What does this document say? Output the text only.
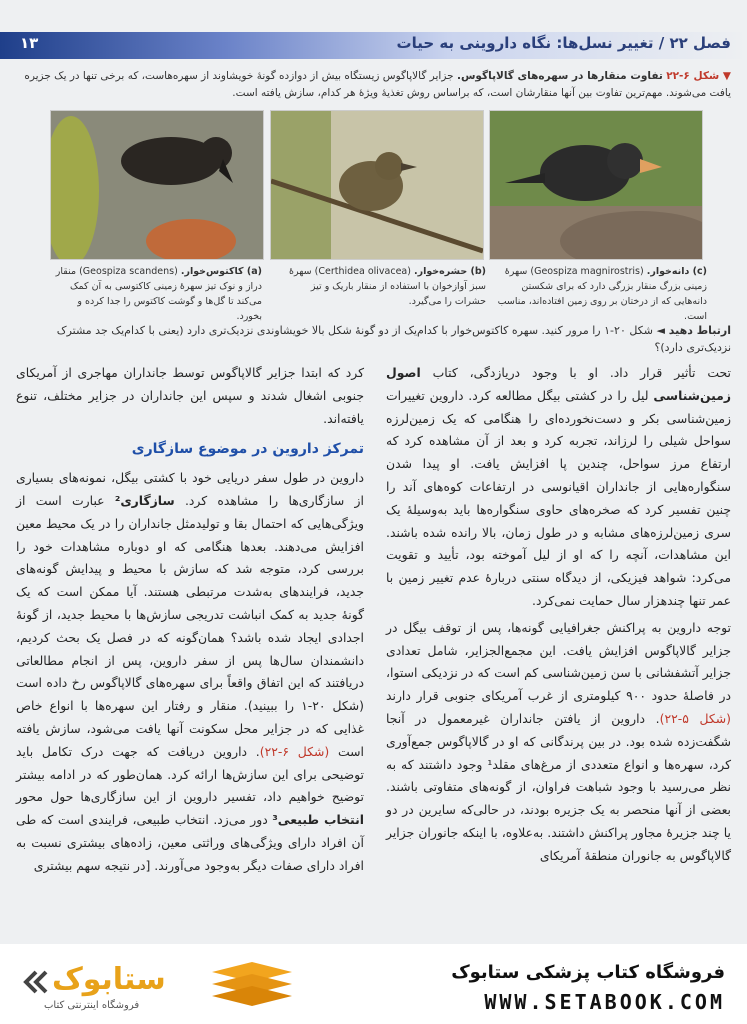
۱۳	فصل ۲۲ / تغییر نسل‌ها: نگاه داروینی به حیات
▼ شکل ۶-۲۲ تفاوت منقارها در سهره‌های گالاپاگوس. جزایر گالاپاگوس زیستگاه بیش از دوازده گونهٔ خویشاوند از سهره‌هاست، که برخی تنها در یک جزیره یافت می‌شوند. مهم‌ترین تفاوت بین آنها منقارشان است، که براساس روش تغذیهٔ ویژهٔ هر کدام، سازش یافته است.
(c) دانه‌خوار. (Geospiza magnirostris) سهرهٔ زمینی بزرگ منقار بزرگی دارد که برای شکستن دانه‌هایی که از درختان بر روی زمین افتاده‌اند، مناسب است.
(b) حشره‌خوار. (Certhidea olivacea) سهرهٔ سبز آوازخوان با استفاده از منقار باریک و تیز حشرات را می‌گیرد.
(a) کاکتوس‌خوار. (Geospiza scandens) منقار دراز و نوک تیز سهرهٔ زمینی کاکتوسی به آن کمک می‌کند تا گل‌ها و گوشت کاکتوس را جدا کرده و بخورد.
ارتباط دهید ◄ شکل ۲۰-۱ را مرور کنید. سهره کاکتوس‌خوار با کدام‌یک از دو گونهٔ شکل بالا خویشاوندی نزدیک‌تری دارد (یعنی با کدام‌یک جد مشترک نزدیک‌تری دارد)؟

تحت تأثیر قرار داد. او با وجود دریازدگی، کتاب اصول زمین‌شناسی لیل را در کشتی بیگل مطالعه کرد. داروین تغییرات زمین‌شناسی بکر و دست‌نخورده‌ای را هنگامی که یک زمین‌لرزه سواحل شیلی را لرزاند، تجربه کرد و بعد از آن مشاهده کرد که ارتفاع مرز سواحل، چندین پا افزایش یافت. او پیدا شدن سنگواره‌هایی از جانداران اقیانوسی در ارتفاعات کوه‌های آند را چنین تفسیر کرد که صخره‌های حاوی سنگواره‌ها باید به‌وسیلهٔ یک سری زمین‌لرزه‌های مشابه و در طول زمان، بالا رانده شده باشند. این مشاهدات، آنچه را که او از لیل آموخته بود، تأیید و تقویت می‌کرد: شواهد فیزیکی، از دیدگاه سنتی دربارهٔ عدم تغییر زمین با عمر تنها چندهزار سال حمایت نمی‌کرد.

توجه داروین به پراکنش جغرافیایی گونه‌ها، پس از توقف بیگل در جزایر گالاپاگوس افزایش یافت. این مجمع‌الجزایر، شامل تعدادی جزایر آتشفشانی با سن زمین‌شناسی کم است که در نزدیکی استوا، در فاصلهٔ حدود ۹۰۰ کیلومتری از غرب آمریکای جنوبی قرار دارند (شکل ۵-۲۲). داروین از یافتن جانداران غیرمعمول در آنجا شگفت‌زده شده بود. در بین پرندگانی که او در گالاپاگوس جمع‌آوری کرد، سهره‌ها و انواع متعددی از مرغ‌های مقلد¹ وجود داشتند که به نظر می‌رسید با وجود شباهت فراوان، از گونه‌های متفاوتی باشند. بعضی از آنها منحصر به یک جزیره بودند، در حالی‌که سایرین در دو یا چند جزیرهٔ مجاور پراکنش داشتند. به‌علاوه، با اینکه جانوران جزایر گالاپاگوس به جانوران منطقهٔ آمریکای

کرد که ابتدا جزایر گالاپاگوس توسط جانداران مهاجری از آمریکای جنوبی اشغال شدند و سپس این جانداران در جزایر مختلف، تنوع یافته‌اند.

تمرکز داروین در موضوع سازگاری

داروین در طول سفر دریایی خود با کشتی بیگل، نمونه‌های بسیاری از سازگاری‌ها را مشاهده کرد. سازگاری² عبارت است از ویژگی‌هایی که احتمال بقا و تولیدمثل جانداران را در یک محیط معین افزایش می‌دهند. بعدها هنگامی که او دوباره مشاهدات خود را بررسی کرد، متوجه شد که سازش با محیط و پیدایش گونه‌های جدید، فرایندهای به‌شدت مرتبطی هستند. آیا ممکن است که یک گونهٔ جدید به کمک انباشت تدریجی سازش‌ها با محیط جدید، از گونهٔ اجدادی ایجاد شده باشد؟ همان‌گونه که در فصل یک بحث کردیم، دانشمندان سال‌ها پس از سفر داروین، پس از انجام مطالعاتی دریافتند که این اتفاق واقعاً برای سهره‌های گالاپاگوس رخ داده است (شکل ۲۰-۱ را ببینید). منقار و رفتار این سهره‌ها با انواع خاص غذایی که در جزایر محل سکونت آنها یافت می‌شود، سازش یافته است (شکل ۶-۲۲). داروین دریافت که جهت درک تکامل باید توضیحی برای این سازش‌ها ارائه کرد. همان‌طور که در ادامه بیشتر توضیح خواهیم داد، تفسیر داروین از این سازگاری‌ها حول محور انتخاب طبیعی³ دور می‌زد. انتخاب طبیعی، فرایندی است که طی آن افراد دارای ویژگی‌های وراثتی معین، زاده‌های بیشتری نسبت به افراد دارای صفات دیگر به‌وجود می‌آورند. [در نتیجه سهم بیشتری

فروشگاه کتاب پزشکی ستابوک
WWW.SETABOOK.COM
ستابوک
فروشگاه اینترنتی کتاب
